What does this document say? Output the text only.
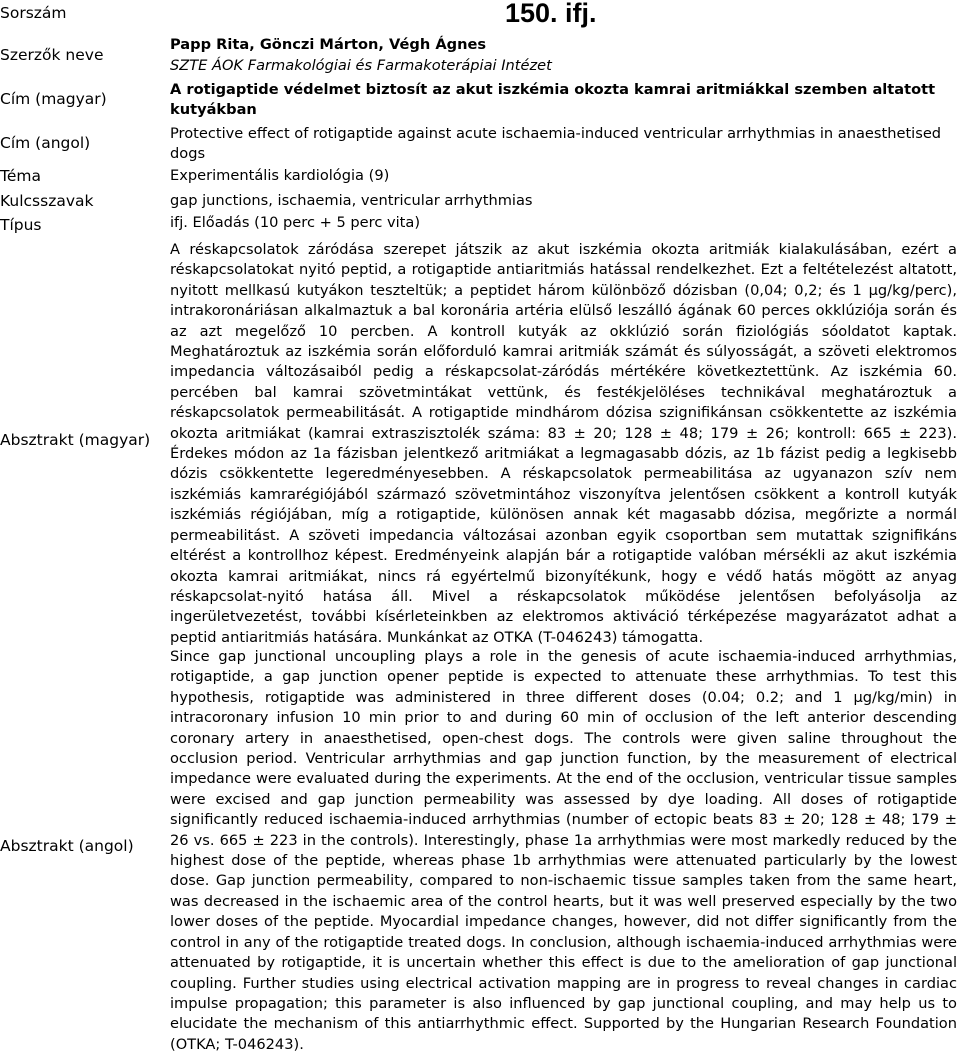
Sorszám
Szerzők neve
Cím (magyar)
Cím (angol)
Téma
Kulcsszavak
Típus
Absztrakt (magyar)
Absztrakt (angol)
150. ifj.
Papp Rita, Gönczi Márton, Végh Ágnes
SZTE ÁOK Farmakológiai és Farmakoterápiai Intézet
A rotigaptide védelmet biztosít az akut iszkémia okozta kamrai aritmiákkal szemben altatott kutyákban
Protective effect of rotigaptide against acute ischaemia-induced ventricular arrhythmias in anaesthetised dogs
Experimentális kardiológia (9)
gap junctions, ischaemia, ventricular arrhythmias
ifj. Előadás (10 perc + 5 perc vita)
A réskapcsolatok záródása szerepet játszik az akut iszkémia okozta aritmiák kialakulásában, ezért a réskapcsolatokat nyitó peptid, a rotigaptide antiaritmiás hatással rendelkezhet. Ezt a feltételezést altatott, nyitott mellkasú kutyákon teszteltük; a peptidet három különböző dózisban (0,04; 0,2; és 1 µg/kg/perc), intrakoronáriásan alkalmaztuk a bal koronária artéria elülső leszálló ágának 60 perces okklúziója során és az azt megelőző 10 percben. A kontroll kutyák az okklúzió során fiziológiás sóoldatot kaptak. Meghatároztuk az iszkémia során előforduló kamrai aritmiák számát és súlyosságát, a szöveti elektromos impedancia változásaiból pedig a réskapcsolat-záródás mértékére következtettünk. Az iszkémia 60. percében bal kamrai szövetmintákat vettünk, és festékjelöléses technikával meghatároztuk a réskapcsolatok permeabilitását. A rotigaptide mindhárom dózisa szignifikánsan csökkentette az iszkémia okozta aritmiákat (kamrai extraszisztolék száma: 83 ± 20; 128 ± 48; 179 ± 26; kontroll: 665 ± 223). Érdekes módon az 1a fázisban jelentkező aritmiákat a legmagasabb dózis, az 1b fázist pedig a legkisebb dózis csökkentette legeredményesebben. A réskapcsolatok permeabilitása az ugyanazon szív nem iszkémiás kamrarégiójából származó szövetmintához viszonyítva jelentősen csökkent a kontroll kutyák iszkémiás régiójában, míg a rotigaptide, különösen annak két magasabb dózisa, megőrizte a normál permeabilitást. A szöveti impedancia változásai azonban egyik csoportban sem mutattak szignifikáns eltérést a kontrollhoz képest. Eredményeink alapján bár a rotigaptide valóban mérsékli az akut iszkémia okozta kamrai aritmiákat, nincs rá egyértelmű bizonyítékunk, hogy e védő hatás mögött az anyag réskapcsolat-nyitó hatása áll. Mivel a réskapcsolatok működése jelentősen befolyásolja az ingerületvezetést, további kísérleteinkben az elektromos aktiváció térképezése magyarázatot adhat a peptid antiaritmiás hatására. Munkánkat az OTKA (T-046243) támogatta.
Since gap junctional uncoupling plays a role in the genesis of acute ischaemia-induced arrhythmias, rotigaptide, a gap junction opener peptide is expected to attenuate these arrhythmias. To test this hypothesis, rotigaptide was administered in three different doses (0.04; 0.2; and 1 µg/kg/min) in intracoronary infusion 10 min prior to and during 60 min of occlusion of the left anterior descending coronary artery in anaesthetised, open-chest dogs. The controls were given saline throughout the occlusion period. Ventricular arrhythmias and gap junction function, by the measurement of electrical impedance were evaluated during the experiments. At the end of the occlusion, ventricular tissue samples were excised and gap junction permeability was assessed by dye loading. All doses of rotigaptide significantly reduced ischaemia-induced arrhythmias (number of ectopic beats 83 ± 20; 128 ± 48; 179 ± 26 vs. 665 ± 223 in the controls). Interestingly, phase 1a arrhythmias were most markedly reduced by the highest dose of the peptide, whereas phase 1b arrhythmias were attenuated particularly by the lowest dose. Gap junction permeability, compared to non-ischaemic tissue samples taken from the same heart, was decreased in the ischaemic area of the control hearts, but it was well preserved especially by the two lower doses of the peptide. Myocardial impedance changes, however, did not differ significantly from the control in any of the rotigaptide treated dogs. In conclusion, although ischaemia-induced arrhythmias were attenuated by rotigaptide, it is uncertain whether this effect is due to the amelioration of gap junctional coupling. Further studies using electrical activation mapping are in progress to reveal changes in cardiac impulse propagation; this parameter is also influenced by gap junctional coupling, and may help us to elucidate the mechanism of this antiarrhythmic effect. Supported by the Hungarian Research Foundation (OTKA; T-046243).
